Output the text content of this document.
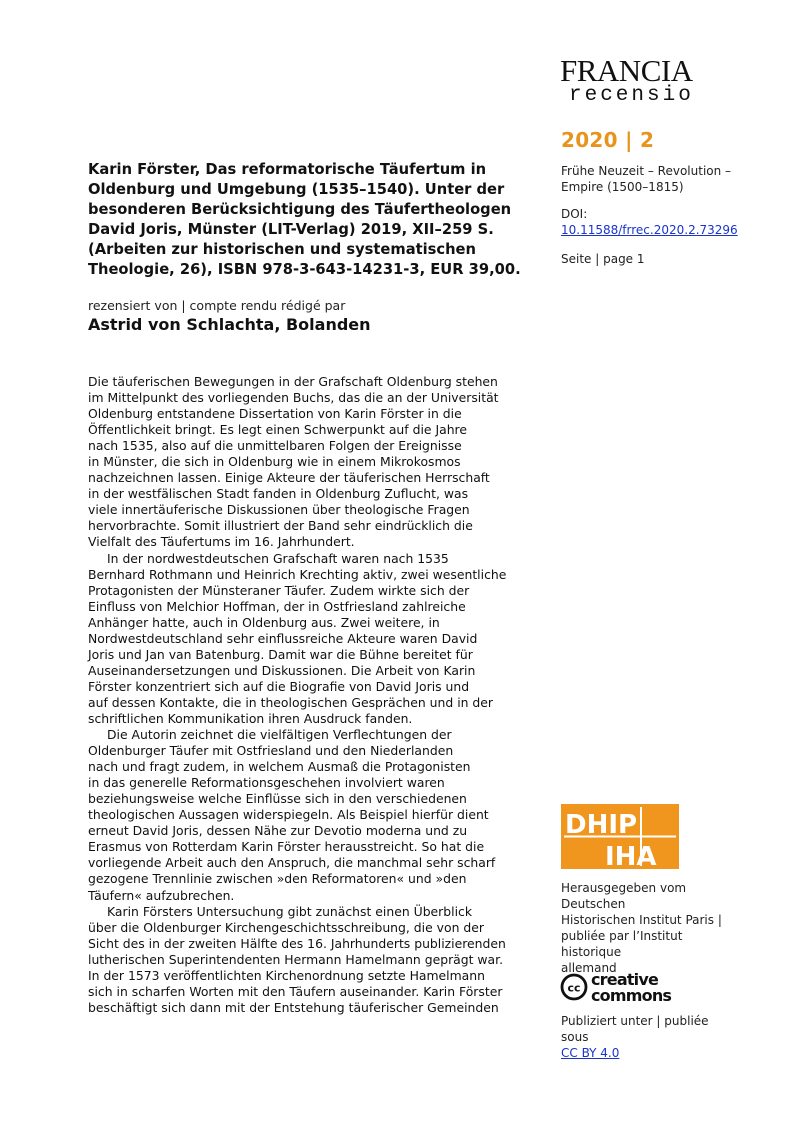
FRANCIA
recensio
2020 | 2
Frühe Neuzeit – Revolution –
Empire (1500–1815)
DOI:
10.11588/frrec.2020.2.73296
Seite | page 1
Karin Förster, Das reformatorische Täufertum in
Oldenburg und Umgebung (1535–1540). Unter der
besonderen Berücksichtigung des Täufertheologen
David Joris, Münster (LIT-Verlag) 2019, XII–259 S.
(Arbeiten zur historischen und systematischen
Theologie, 26), ISBN 978-3-643-14231-3, EUR 39,00.
rezensiert von | compte rendu rédigé par
Astrid von Schlachta, Bolanden
Die täuferischen Bewegungen in der Grafschaft Oldenburg stehen
im Mittelpunkt des vorliegenden Buchs, das die an der Universität
Oldenburg entstandene Dissertation von Karin Förster in die
Öffentlichkeit bringt. Es legt einen Schwerpunkt auf die Jahre
nach 1535, also auf die unmittelbaren Folgen der Ereignisse
in Münster, die sich in Oldenburg wie in einem Mikrokosmos
nachzeichnen lassen. Einige Akteure der täuferischen Herrschaft
in der westfälischen Stadt fanden in Oldenburg Zuflucht, was
viele innertäuferische Diskussionen über theologische Fragen
hervorbrachte. Somit illustriert der Band sehr eindrücklich die
Vielfalt des Täufertums im 16. Jahrhundert.
In der nordwestdeutschen Grafschaft waren nach 1535
Bernhard Rothmann und Heinrich Krechting aktiv, zwei wesentliche
Protagonisten der Münsteraner Täufer. Zudem wirkte sich der
Einfluss von Melchior Hoffman, der in Ostfriesland zahlreiche
Anhänger hatte, auch in Oldenburg aus. Zwei weitere, in
Nordwestdeutschland sehr einflussreiche Akteure waren David
Joris und Jan van Batenburg. Damit war die Bühne bereitet für
Auseinandersetzungen und Diskussionen. Die Arbeit von Karin
Förster konzentriert sich auf die Biografie von David Joris und
auf dessen Kontakte, die in theologischen Gesprächen und in der
schriftlichen Kommunikation ihren Ausdruck fanden.
Die Autorin zeichnet die vielfältigen Verflechtungen der
Oldenburger Täufer mit Ostfriesland und den Niederlanden
nach und fragt zudem, in welchem Ausmaß die Protagonisten
in das generelle Reformationsgeschehen involviert waren
beziehungsweise welche Einflüsse sich in den verschiedenen
theologischen Aussagen widerspiegeln. Als Beispiel hierfür dient
erneut David Joris, dessen Nähe zur Devotio moderna und zu
Erasmus von Rotterdam Karin Förster herausstreicht. So hat die
vorliegende Arbeit auch den Anspruch, die manchmal sehr scharf
gezogene Trennlinie zwischen »den Reformatoren« und »den
Täufern« aufzubrechen.
Karin Försters Untersuchung gibt zunächst einen Überblick
über die Oldenburger Kirchengeschichtsschreibung, die von der
Sicht des in der zweiten Hälfte des 16. Jahrhunderts publizierenden
lutherischen Superintendenten Hermann Hamelmann geprägt war.
In der 1573 veröffentlichten Kirchenordnung setzte Hamelmann
sich in scharfen Worten mit den Täufern auseinander. Karin Förster
beschäftigt sich dann mit der Entstehung täuferischer Gemeinden
DHIP
IHA
Herausgegeben vom Deutschen
Historischen Institut Paris |
publiée par l’Institut historique
allemand
cc creative
commons
Publiziert unter | publiée sous
CC BY 4.0
